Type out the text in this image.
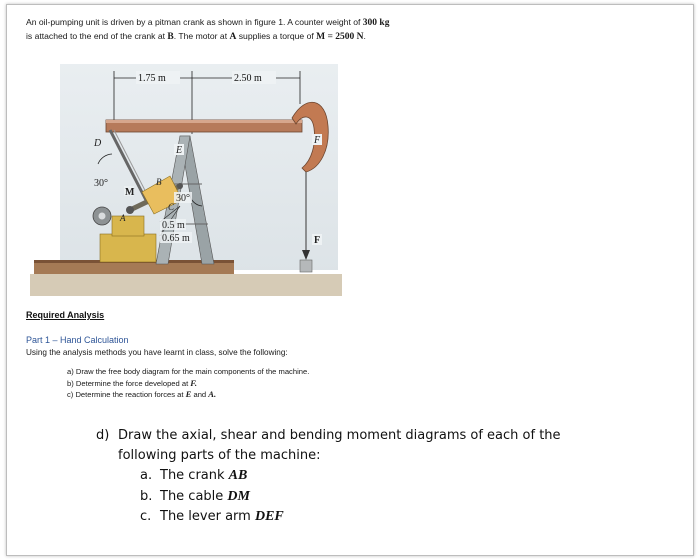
An oil-pumping unit is driven by a pitman crank as shown in figure 1. A counter weight of 300 kg is attached to the end of the crank at B. The motor at A supplies a torque of M = 2500 N.
1.75 m	2.50 m
D
E
F
F
M
A
B
C
30°
30°
0.5 m
0.65 m
Required Analysis
Part 1 – Hand Calculation
Using the analysis methods you have learnt in class, solve the following:
a) Draw the free body diagram for the main components of the machine.
b) Determine the force developed at F.
c) Determine the reaction forces at E and A.

d) Draw the axial, shear and bending moment diagrams of each of the

following parts of the machine:

a. The crank AB
b. The cable DM
c. The lever arm DEF
